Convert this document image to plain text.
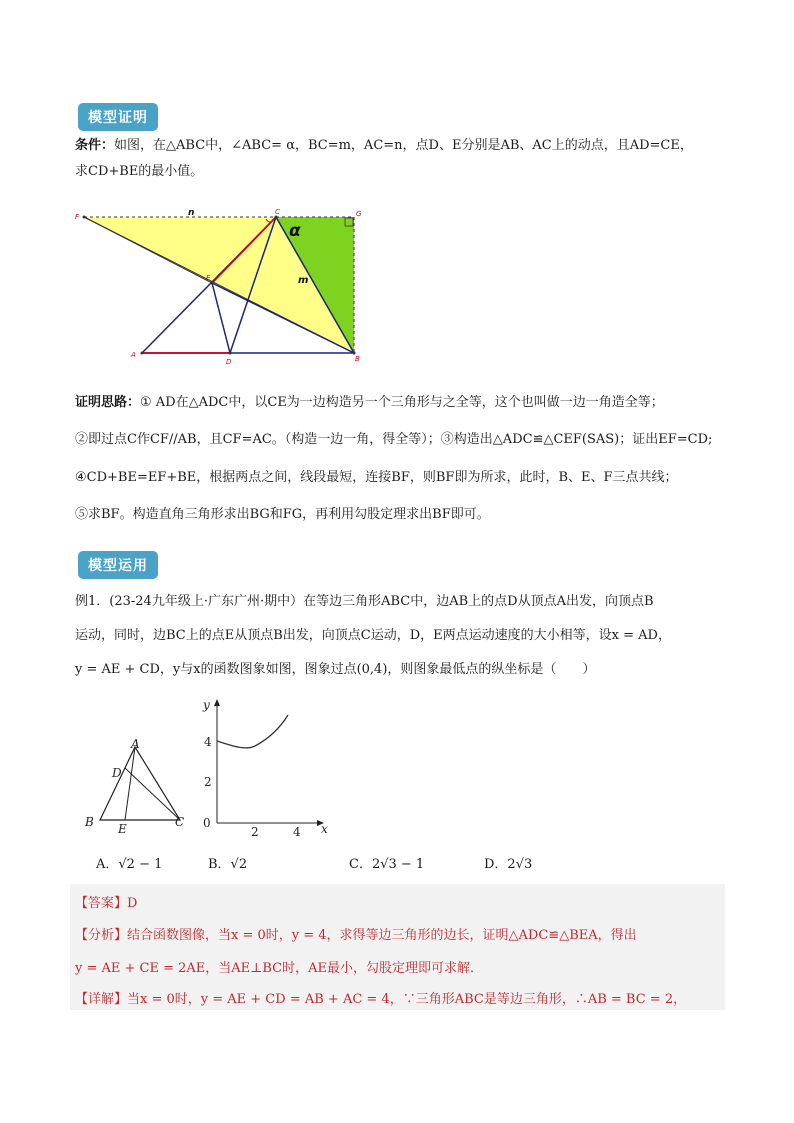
模型证明
条件：如图，在△ABC中，∠ABC= α，BC=m，AC=n，点D、E分别是AB、AC上的动点，且AD=CE，
求CD+BE的最小值。
F	n	C	G
α
m
E
A
D	B
证明思路：① AD在△ADC中，以CE为一边构造另一个三角形与之全等，这个也叫做一边一角造全等；
②即过点C作CF//AB，且CF=AC。（构造一边一角，得全等）；③构造出△ADC≌△CEF(SAS)；证出EF=CD;
④CD+BE=EF+BE，根据两点之间，线段最短，连接BF，则BF即为所求，此时，B、E、F三点共线；
⑤求BF。构造直角三角形求出BG和FG，再利用勾股定理求出BF即可。
模型运用
例1．(23-24九年级上·广东广州·期中）在等边三角形ABC中，边AB上的点D从顶点A出发，向顶点B
运动，同时，边BC上的点E从顶点B出发，向顶点C运动，D，E两点运动速度的大小相等，设x = AD，
y = AE + CD，y与x的函数图象如图，图象过点(0,4)，则图象最低点的纵坐标是（　　）
A
D
B E	C
y
x
0
2	4
2
4
A．√2 − 1	B．√2	C．2√3 − 1	D．2√3
【答案】D
【分析】结合函数图像，当x = 0时，y = 4，求得等边三角形的边长，证明△ADC≌△BEA，得出
y = AE + CE = 2AE，当AE⊥BC时，AE最小，勾股定理即可求解．
【详解】当x = 0时，y = AE + CD = AB + AC = 4，∵三角形ABC是等边三角形，∴AB = BC = 2，
